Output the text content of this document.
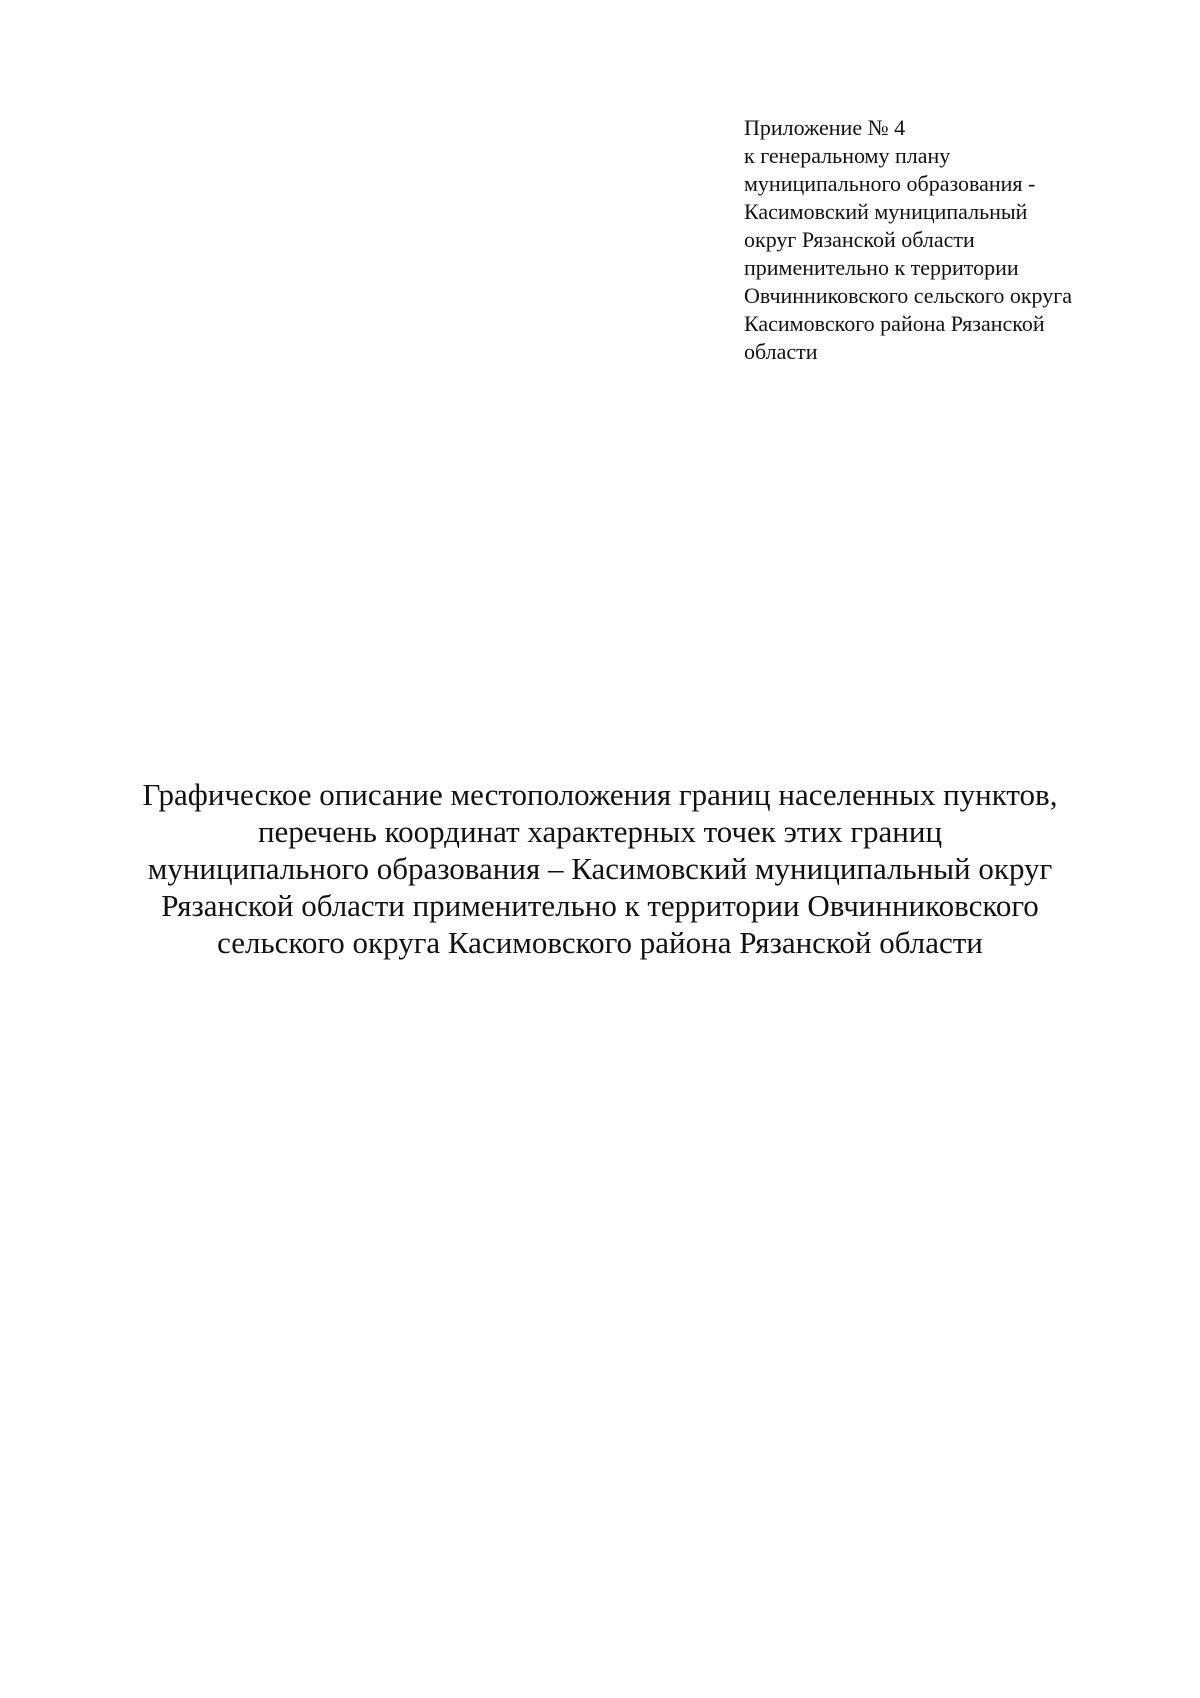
Приложение № 4
к генеральному плану
муниципального образования -
Касимовский муниципальный
округ Рязанской области
применительно к территории
Овчинниковского сельского округа
Касимовского района Рязанской
области
Графическое описание местоположения границ населенных пунктов,
перечень координат характерных точек этих границ
муниципального образования – Касимовский муниципальный округ
Рязанской области применительно к территории Овчинниковского
сельского округа Касимовского района Рязанской области
